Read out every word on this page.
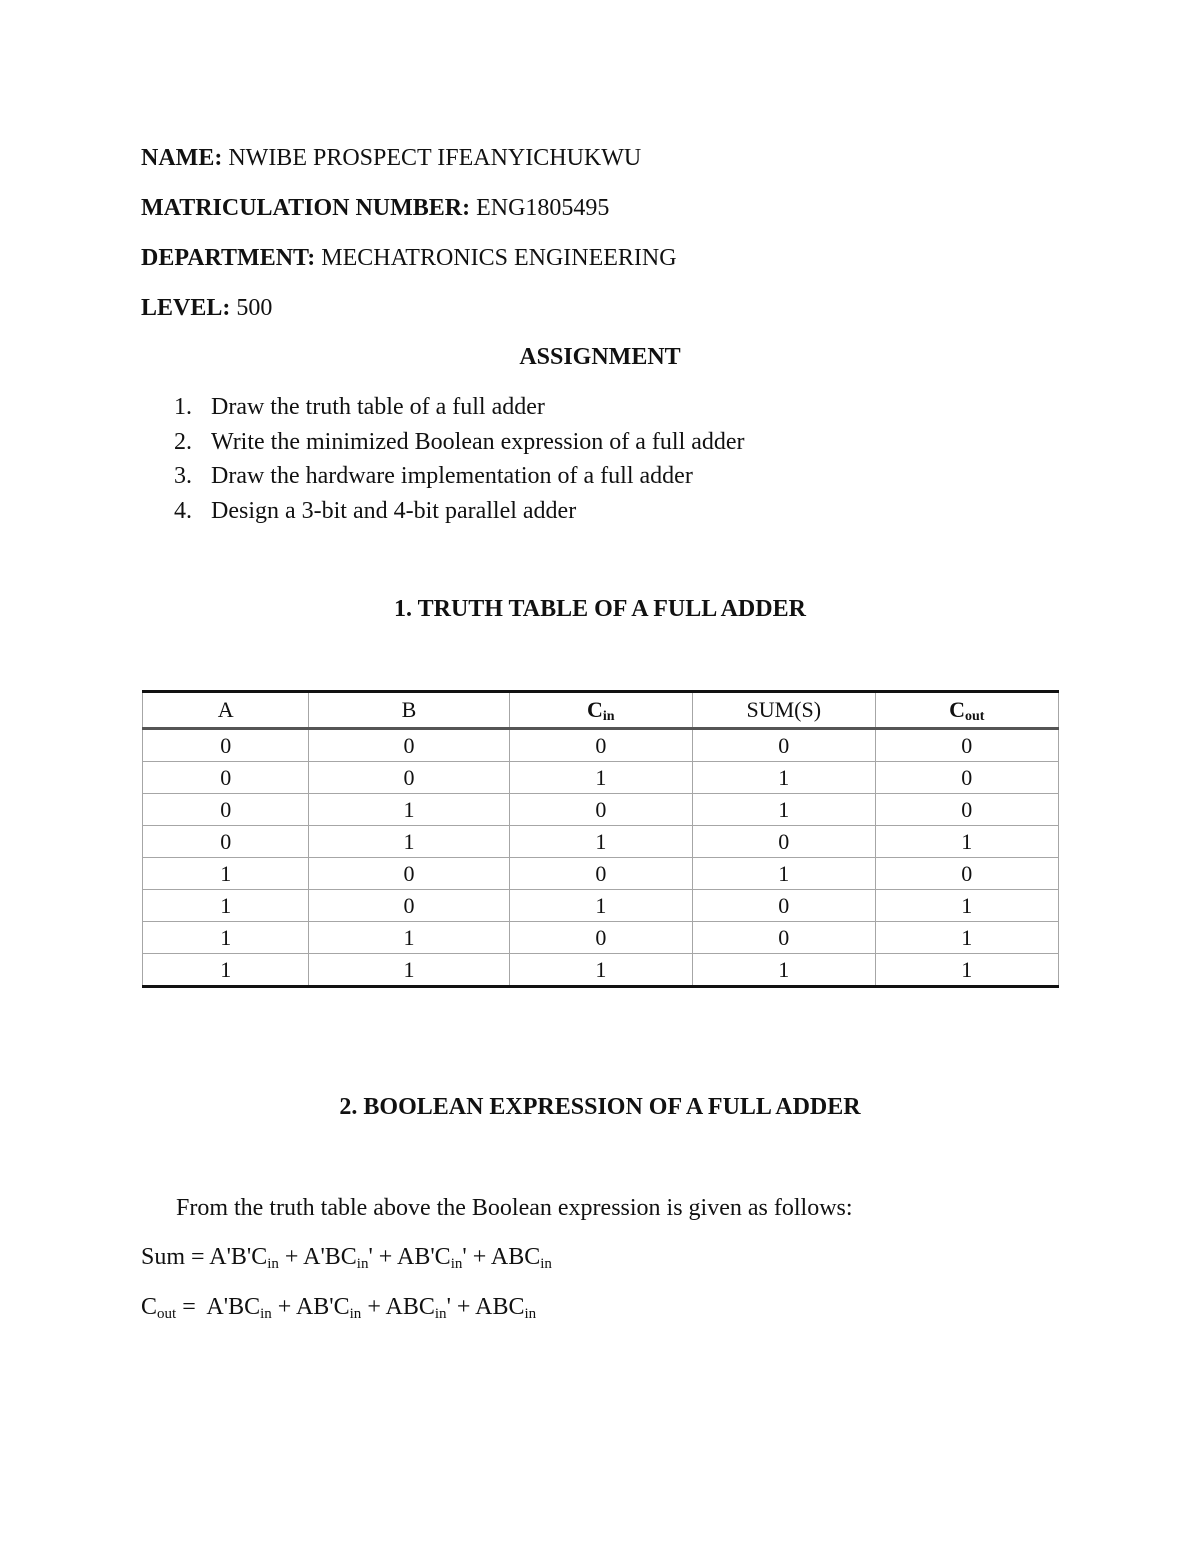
NAME: NWIBE PROSPECT IFEANYICHUKWU
MATRICULATION NUMBER: ENG1805495
DEPARTMENT: MECHATRONICS ENGINEERING
LEVEL: 500
ASSIGNMENT
1. Draw the truth table of a full adder
2. Write the minimized Boolean expression of a full adder
3. Draw the hardware implementation of a full adder
4. Design a 3-bit and 4-bit parallel adder
1. TRUTH TABLE OF A FULL ADDER
A	B	$C_{in}$	SUM(S)	$C_{out}$
0	0	0	0	0
0	0	1	1	0
0	1	0	1	0
0	1	1	0	1
1	0	0	1	0
1	0	1	0	1
1	1	0	0	1
1	1	1	1	1
2. BOOLEAN EXPRESSION OF A FULL ADDER
From the truth table above the Boolean expression is given as follows:
Sum = $A'B'C_{in} + A'BC_{in}' + AB'C_{in}' + ABC_{in}$
$C_{out} = A'BC_{in} + AB'C_{in} + ABC_{in}' + ABC_{in}$
